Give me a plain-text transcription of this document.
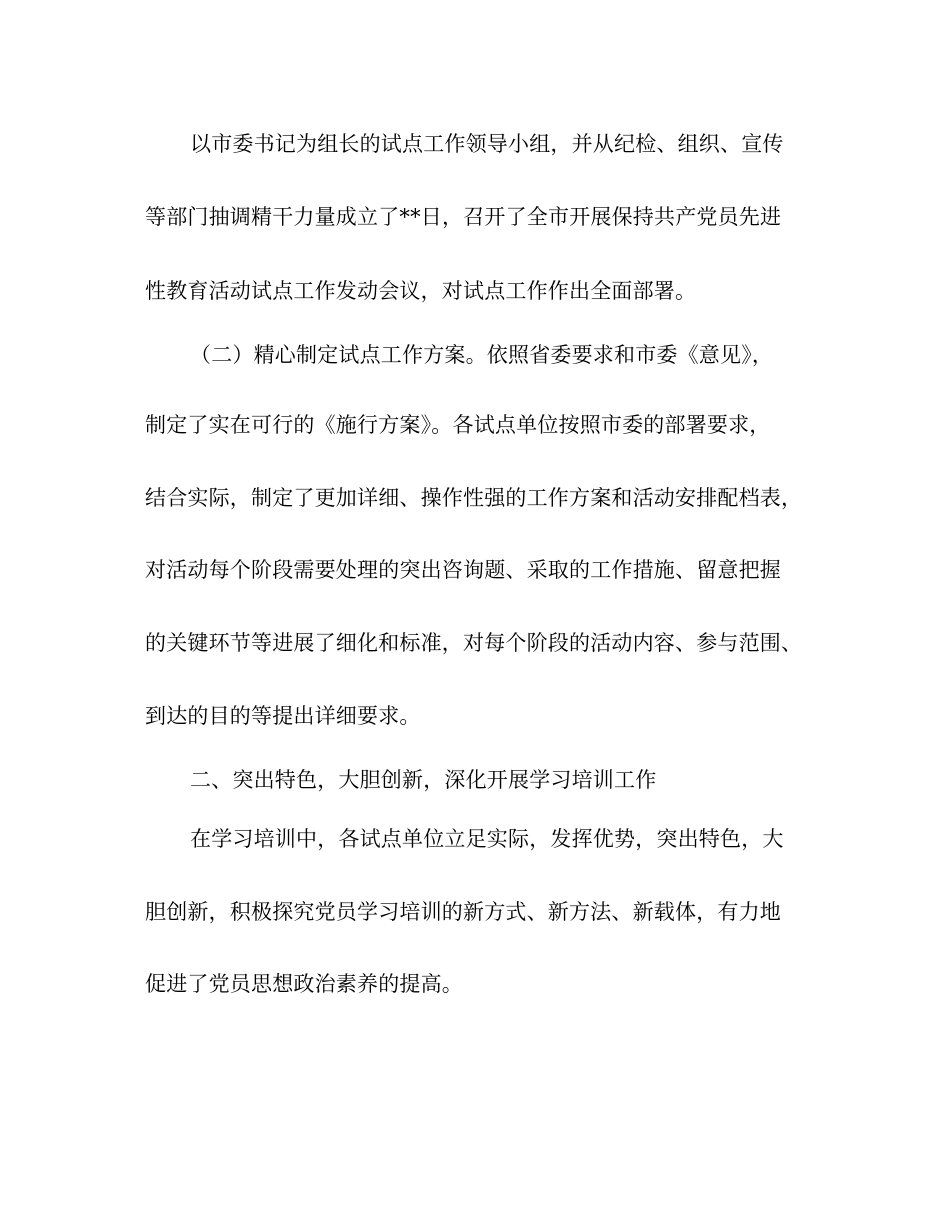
以市委书记为组长的试点工作领导小组，并从纪检、组织、宣传
等部门抽调精干力量成立了**日，召开了全市开展保持共产党员先进
性教育活动试点工作发动会议，对试点工作作出全面部署。
（二）精心制定试点工作方案。依照省委要求和市委《意见》，
制定了实在可行的《施行方案》。各试点单位按照市委的部署要求，
结合实际，制定了更加详细、操作性强的工作方案和活动安排配档表，
对活动每个阶段需要处理的突出咨询题、采取的工作措施、留意把握
的关键环节等进展了细化和标准，对每个阶段的活动内容、参与范围、
到达的目的等提出详细要求。
二、突出特色，大胆创新，深化开展学习培训工作
在学习培训中，各试点单位立足实际，发挥优势，突出特色，大
胆创新，积极探究党员学习培训的新方式、新方法、新载体，有力地
促进了党员思想政治素养的提高。
